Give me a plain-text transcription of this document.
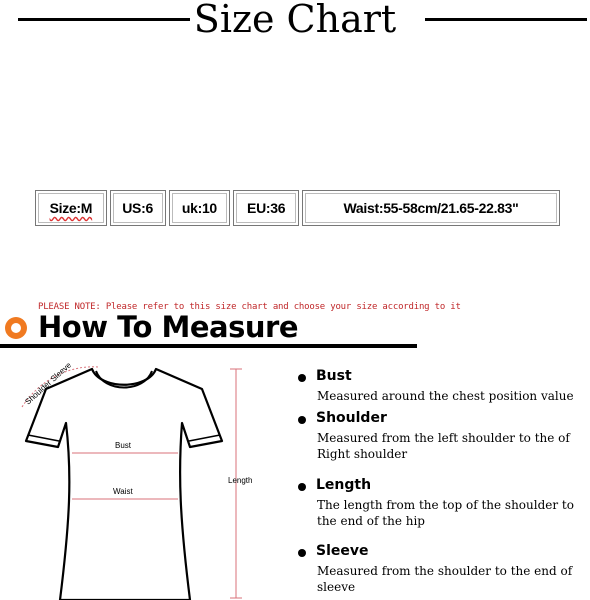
Size Chart
Size:M	US:6	uk:10	EU:36	Waist:55-58cm/21.65-22.83"
PLEASE NOTE: Please refer to this size chart and choose your size according to it
How To Measure
Shoulder Sleeve
Bust
Waist
Length
Bust
Measured around the chest position value
Shoulder
Measured from the left shoulder to the of Right shoulder
Length
The length from the top of the shoulder to the end of the hip
Sleeve
Measured from the shoulder to the end of sleeve
